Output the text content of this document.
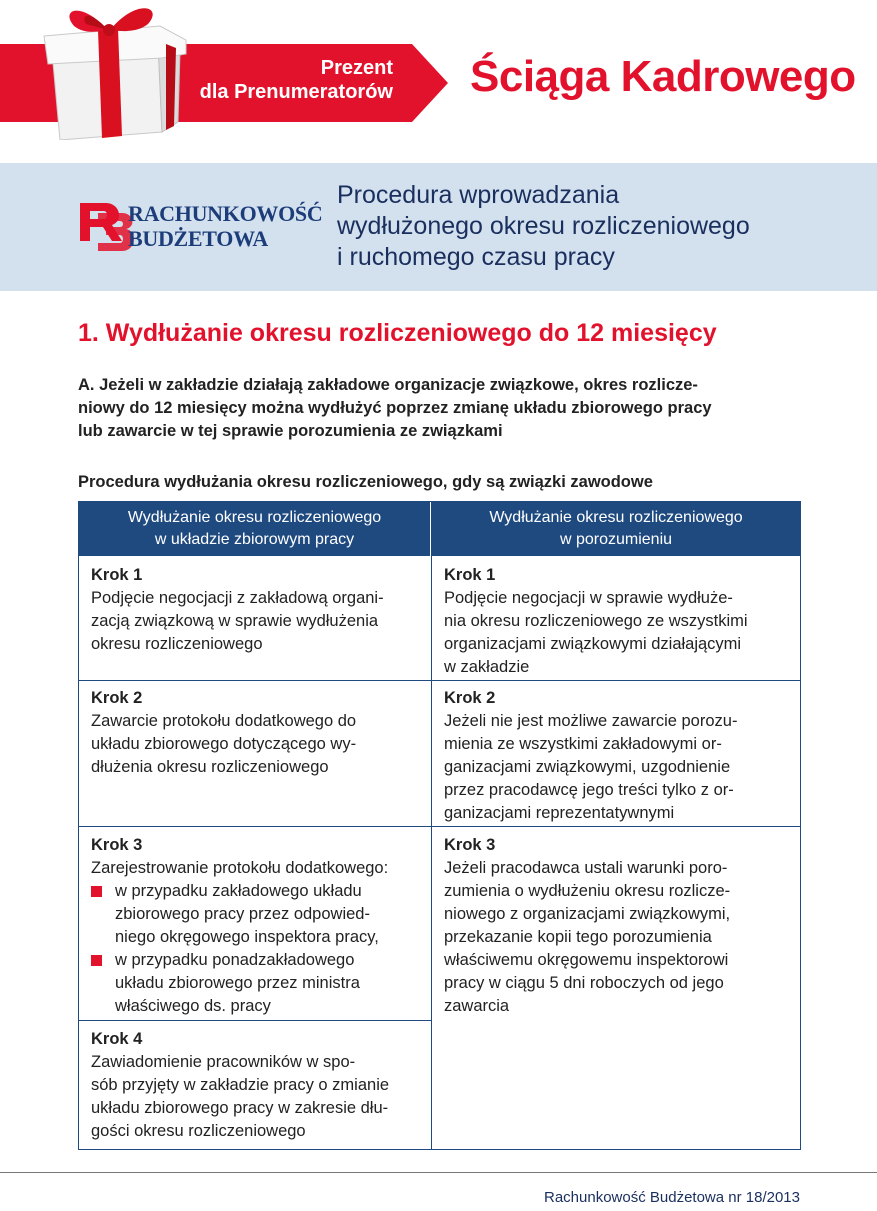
Prezent
dla Prenumeratorów Ściąga Kadrowego
RACHUNKOWOŚĆ
BUDŻETOWA
Procedura wprowadzania
wydłużonego okresu rozliczeniowego
i ruchomego czasu pracy
1. Wydłużanie okresu rozliczeniowego do 12 miesięcy
A. Jeżeli w zakładzie działają zakładowe organizacje związkowe, okres rozlicze-
niowy do 12 miesięcy można wydłużyć poprzez zmianę układu zbiorowego pracy
lub zawarcie w tej sprawie porozumienia ze związkami
Procedura wydłużania okresu rozliczeniowego, gdy są związki zawodowe
Wydłużanie okresu rozliczeniowego
w układzie zbiorowym pracy
Wydłużanie okresu rozliczeniowego
w porozumieniu
Krok 1
Podjęcie negocjacji z zakładową organi-
zacją związkową w sprawie wydłużenia
okresu rozliczeniowego
Krok 2
Zawarcie protokołu dodatkowego do
układu zbiorowego dotyczącego wy-
dłużenia okresu rozliczeniowego
Krok 3
Zarejestrowanie protokołu dodatkowego:
w przypadku zakładowego układu
zbiorowego pracy przez odpowied-
niego okręgowego inspektora pracy,
w przypadku ponadzakładowego
układu zbiorowego przez ministra
właściwego ds. pracy
Krok 4
Zawiadomienie pracowników w spo-
sób przyjęty w zakładzie pracy o zmianie
układu zbiorowego pracy w zakresie dłu-
gości okresu rozliczeniowego
Krok 1
Podjęcie negocjacji w sprawie wydłuże-
nia okresu rozliczeniowego ze wszystkimi
organizacjami związkowymi działającymi
w zakładzie
Krok 2
Jeżeli nie jest możliwe zawarcie porozu-
mienia ze wszystkimi zakładowymi or-
ganizacjami związkowymi, uzgodnienie
przez pracodawcę jego treści tylko z or-
ganizacjami reprezentatywnymi
Krok 3
Jeżeli pracodawca ustali warunki poro-
zumienia o wydłużeniu okresu rozlicze-
niowego z organizacjami związkowymi,
przekazanie kopii tego porozumienia
właściwemu okręgowemu inspektorowi
pracy w ciągu 5 dni roboczych od jego
zawarcia
Rachunkowość Budżetowa nr 18/2013
